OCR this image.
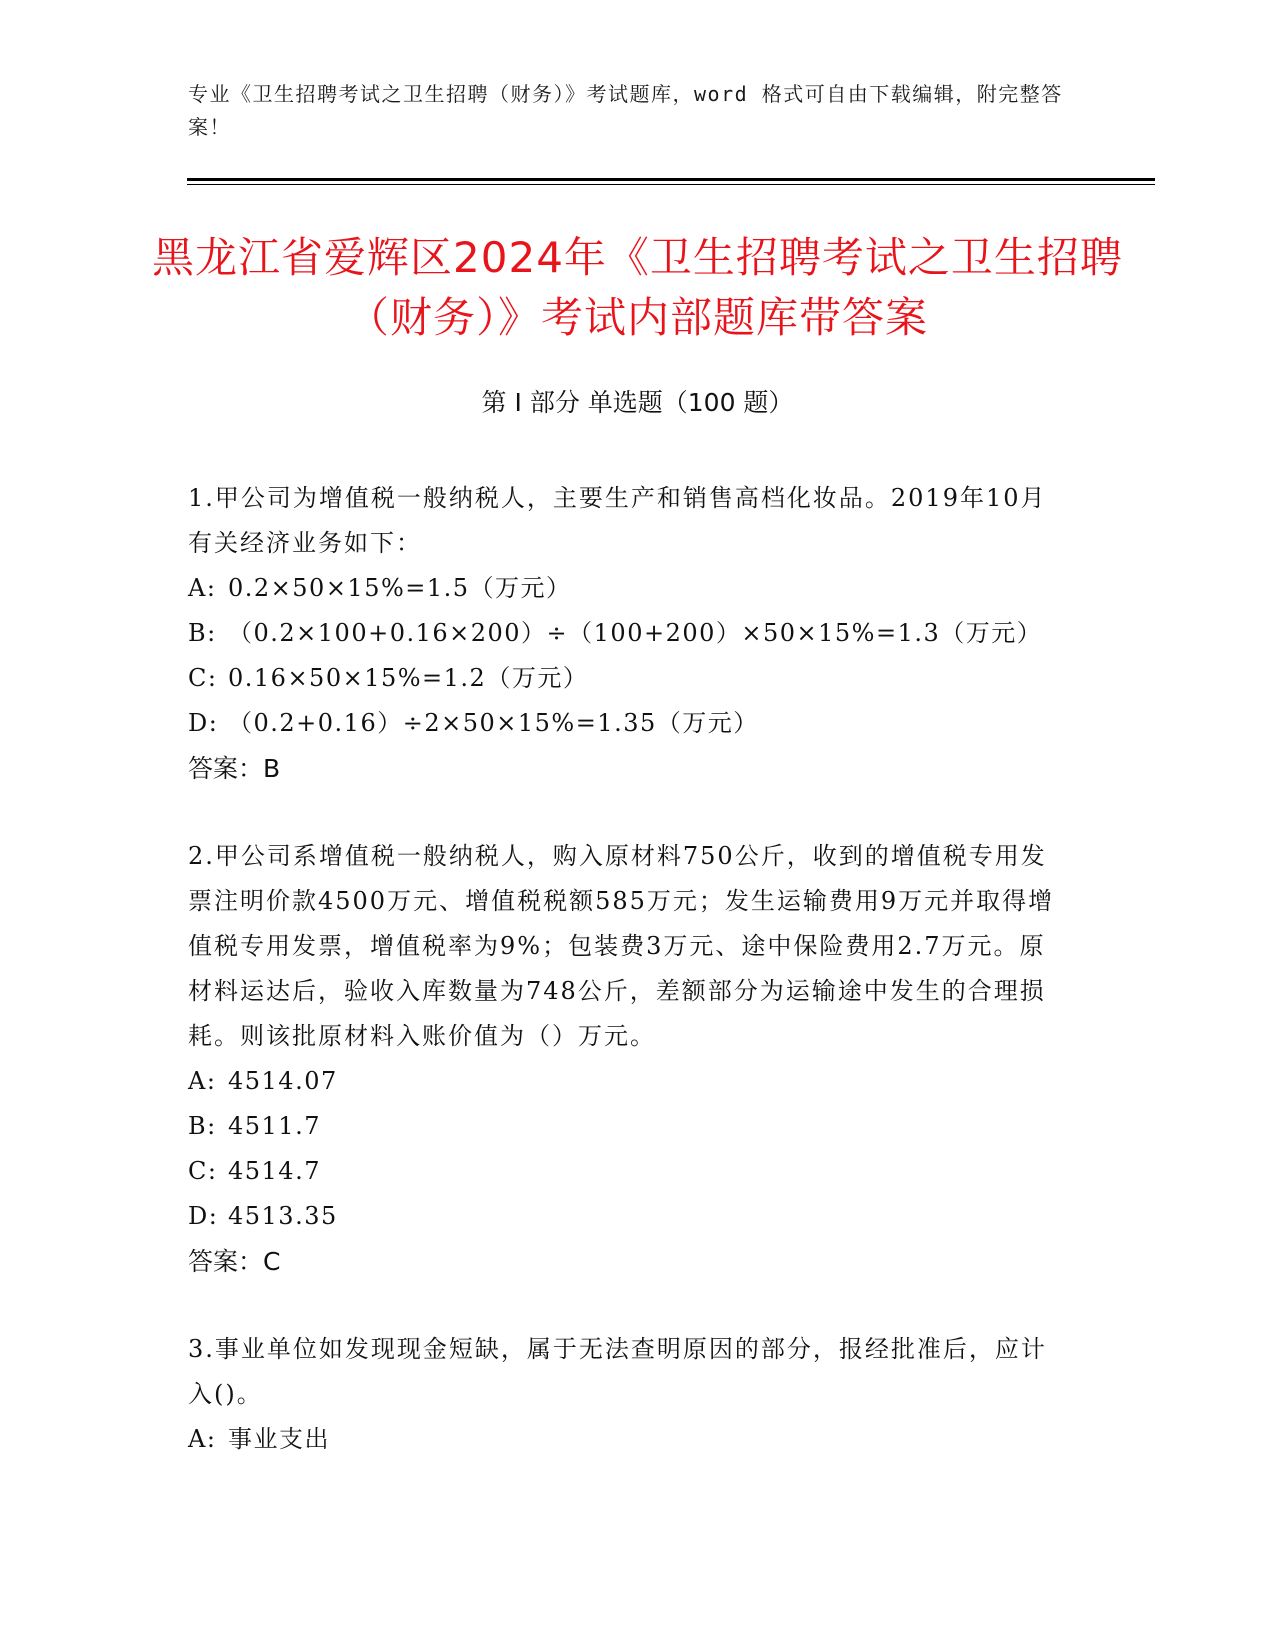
专业《卫生招聘考试之卫生招聘（财务）》考试题库，word 格式可自由下载编辑，附完整答案！
黑龙江省爱辉区2024年《卫生招聘考试之卫生招聘（财务）》考试内部题库带答案
第 I 部分 单选题（100 题）

1.甲公司为增值税一般纳税人，主要生产和销售高档化妆品。2019年10月有关经济业务如下：

A: 0.2×50×15%=1.5（万元）

B: （0.2×100+0.16×200）÷（100+200）×50×15%=1.3（万元）

C: 0.16×50×15%=1.2（万元）

D: （0.2+0.16）÷2×50×15%=1.35（万元）

答案：B

2.甲公司系增值税一般纳税人，购入原材料750公斤，收到的增值税专用发票注明价款4500万元、增值税税额585万元；发生运输费用9万元并取得增值税专用发票，增值税率为9%；包装费3万元、途中保险费用2.7万元。原材料运达后，验收入库数量为748公斤，差额部分为运输途中发生的合理损耗。则该批原材料入账价值为（）万元。

A: 4514.07

B: 4511.7

C: 4514.7

D: 4513.35

答案：C

3.事业单位如发现现金短缺，属于无法查明原因的部分，报经批准后，应计入()。

A: 事业支出
